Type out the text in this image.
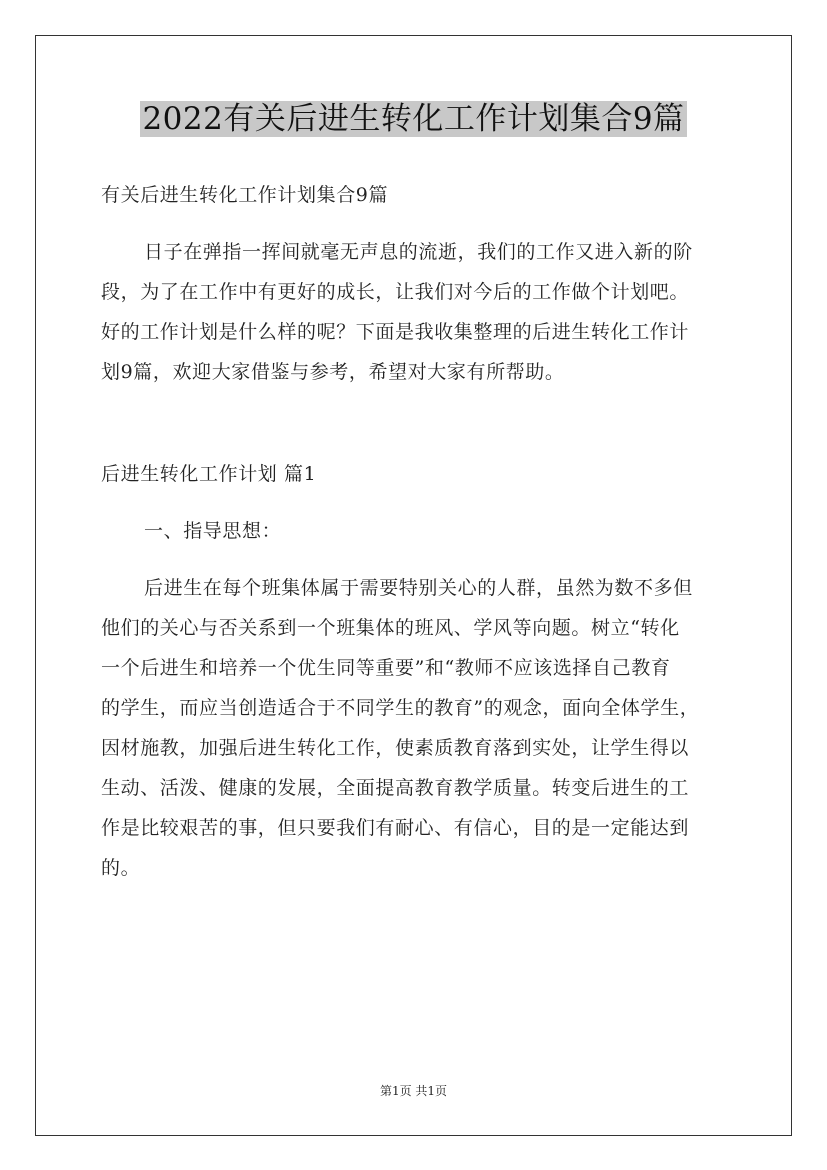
2022有关后进生转化工作计划集合9篇
有关后进生转化工作计划集合9篇
日子在弹指一挥间就毫无声息的流逝，我们的工作又进入新的阶
段，为了在工作中有更好的成长，让我们对今后的工作做个计划吧。
好的工作计划是什么样的呢？下面是我收集整理的后进生转化工作计
划9篇，欢迎大家借鉴与参考，希望对大家有所帮助。
后进生转化工作计划 篇1
一、指导思想：
后进生在每个班集体属于需要特别关心的人群，虽然为数不多但
他们的关心与否关系到一个班集体的班风、学风等向题。树立“转化
一个后进生和培养一个优生同等重要”和“教师不应该选择自己教育
的学生，而应当创造适合于不同学生的教育”的观念，面向全体学生，
因材施教，加强后进生转化工作，使素质教育落到实处，让学生得以
生动、活泼、健康的发展，全面提高教育教学质量。转变后进生的工
作是比较艰苦的事，但只要我们有耐心、有信心，目的是一定能达到
的。
第1页 共1页
